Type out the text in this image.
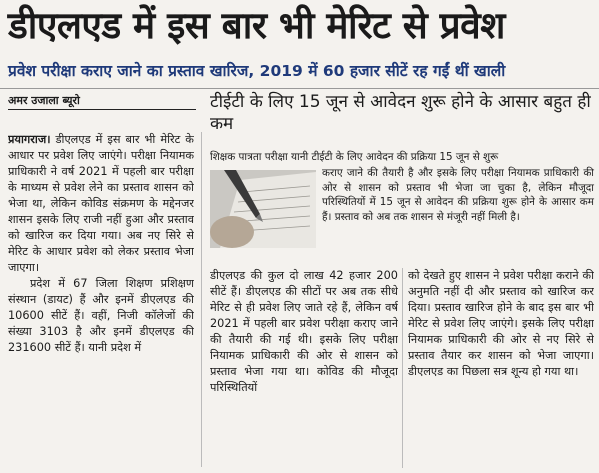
डीएलएड में इस बार भी मेरिट से प्रवेश
प्रवेश परीक्षा कराए जाने का प्रस्ताव खारिज, 2019 में 60 हजार सीटें रह गईं थीं खाली
अमर उजाला ब्यूरो	टीईटी के लिए 15 जून से आवेदन शुरू होने के आसार बहुत ही कम

शिक्षक पात्रता परीक्षा यानी टीईटी के लिए आवेदन की प्रक्रिया 15 जून से शुरू

कराए जाने की तैयारी है और इसके लिए परीक्षा नियामक प्राधिकारी की ओर से शासन को प्रस्ताव भी भेजा जा चुका है, लेकिन मौजूदा परिस्थितियों में 15 जून से आवेदन की प्रक्रिया शुरू होने के आसार कम हैं। प्रस्ताव को अब तक शासन से मंजूरी नहीं मिली है।

प्रयागराज। डीएलएड में इस बार भी मेरिट के आधार पर प्रवेश लिए जाएंगे। परीक्षा नियामक प्राधिकारी ने वर्ष 2021 में पहली बार परीक्षा के माध्यम से प्रवेश लेने का प्रस्ताव शासन को भेजा था, लेकिन कोविड संक्रमण के मद्देनजर शासन इसके लिए राजी नहीं हुआ और प्रस्ताव को खारिज कर दिया गया। अब नए सिरे से मेरिट के आधार प्रवेश को लेकर प्रस्ताव भेजा जाएगा।

प्रदेश में 67 जिला शिक्षण प्रशिक्षण संस्थान (डायट) हैं और इनमें डीएलएड की 10600 सीटें हैं। वहीं, निजी कॉलेजों की संख्या 3103 है और इनमें डीएलएड की 231600 सीटें हैं। यानी प्रदेश में

डीएलएड की कुल दो लाख 42 हजार 200 सीटें हैं। डीएलएड की सीटों पर अब तक सीधे मेरिट से ही प्रवेश लिए जाते रहे हैं, लेकिन वर्ष 2021 में पहली बार प्रवेश परीक्षा कराए जाने की तैयारी की गई थी। इसके लिए परीक्षा नियामक प्राधिकारी की ओर से शासन को प्रस्ताव भेजा गया था। कोविड की मौजूदा परिस्थितियों

को देखते हुए शासन ने प्रवेश परीक्षा कराने की अनुमति नहीं दी और प्रस्ताव को खारिज कर दिया। प्रस्ताव खारिज होने के बाद इस बार भी मेरिट से प्रवेश लिए जाएंगे। इसके लिए परीक्षा नियामक प्राधिकारी की ओर से नए सिरे से प्रस्ताव तैयार कर शासन को भेजा जाएगा। डीएलएड का पिछला सत्र शून्य हो गया था।
